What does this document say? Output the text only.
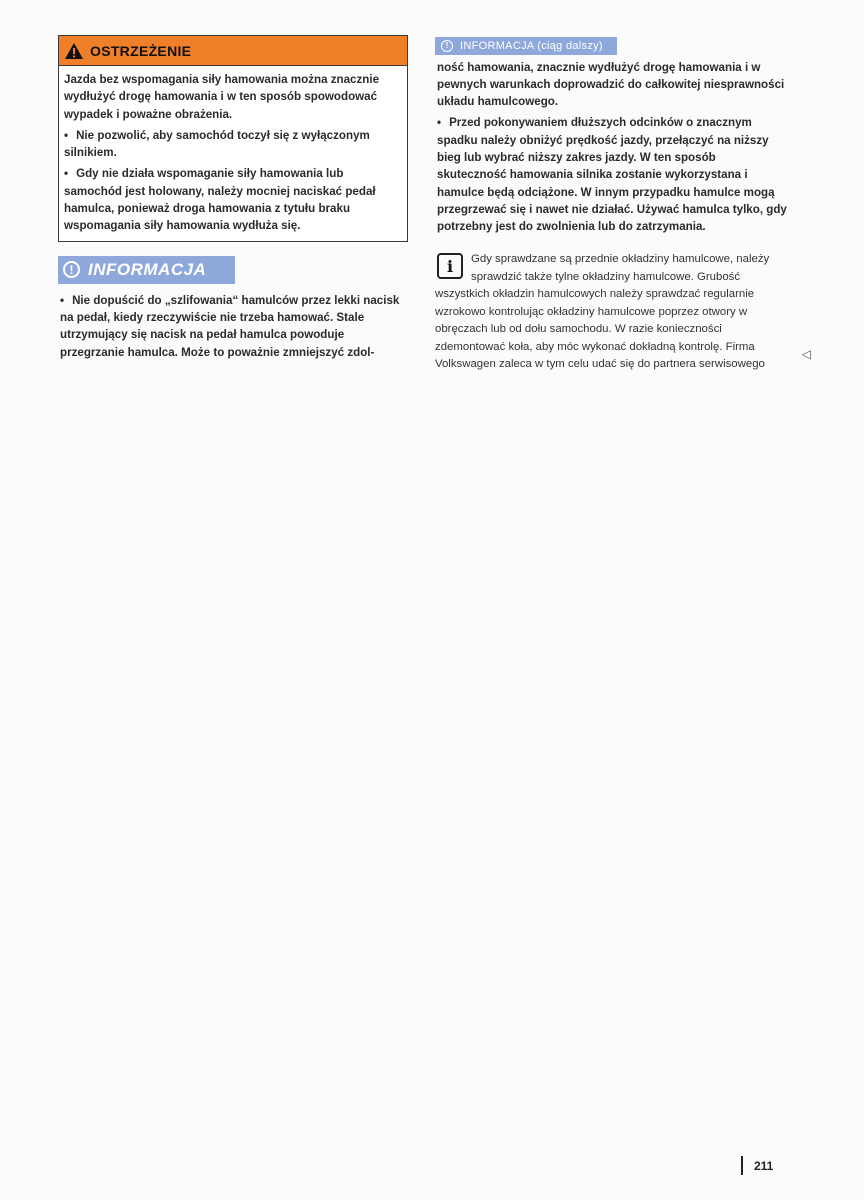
OSTRZEŻENIE

Jazda bez wspomagania siły hamowania można znacznie wydłużyć drogę hamowania i w ten sposób spowodować wypadek i poważne obrażenia.

• Nie pozwolić, aby samochód toczył się z wyłączonym silnikiem.

• Gdy nie działa wspomaganie siły hamowania lub samochód jest holowany, należy mocniej naciskać pedał hamulca, ponieważ droga hamowania z tytułu braku wspomagania siły hamowania wydłuża się.

! INFORMACJA

• Nie dopuścić do „szlifowania“ hamulców przez lekki nacisk na pedał, kiedy rzeczywiście nie trzeba hamować. Stale utrzymujący się nacisk na pedał hamulca powoduje przegrzanie hamulca. Może to poważnie zmniejszyć zdol-

!	INFORMACJA (ciąg dalszy)

ność hamowania, znacznie wydłużyć drogę hamowania i w pewnych warunkach doprowadzić do całkowitej niesprawności układu hamulcowego.

• Przed pokonywaniem dłuższych odcinków o znacznym spadku należy obniżyć prędkość jazdy, przełączyć na niższy bieg lub wybrać niższy zakres jazdy. W ten sposób skuteczność hamowania silnika zostanie wykorzystana i hamulce będą odciążone. W innym przypadku hamulce mogą przegrzewać się i nawet nie działać. Używać hamulca tylko, gdy potrzebny jest do zwolnienia lub do zatrzymania.

i	Gdy sprawdzane są przednie okładziny hamulcowe, należy sprawdzić także tylne okładziny hamulcowe. Grubość wszystkich okładzin hamulcowych należy sprawdzać regularnie wzrokowo kontrolując okładziny hamulcowe poprzez otwory w obręczach lub od dołu samochodu. W razie konieczności zdemontować koła, aby móc wykonać dokładną kontrolę. Firma Volkswagen zaleca w tym celu udać się do partnera serwisowego
◁
211
